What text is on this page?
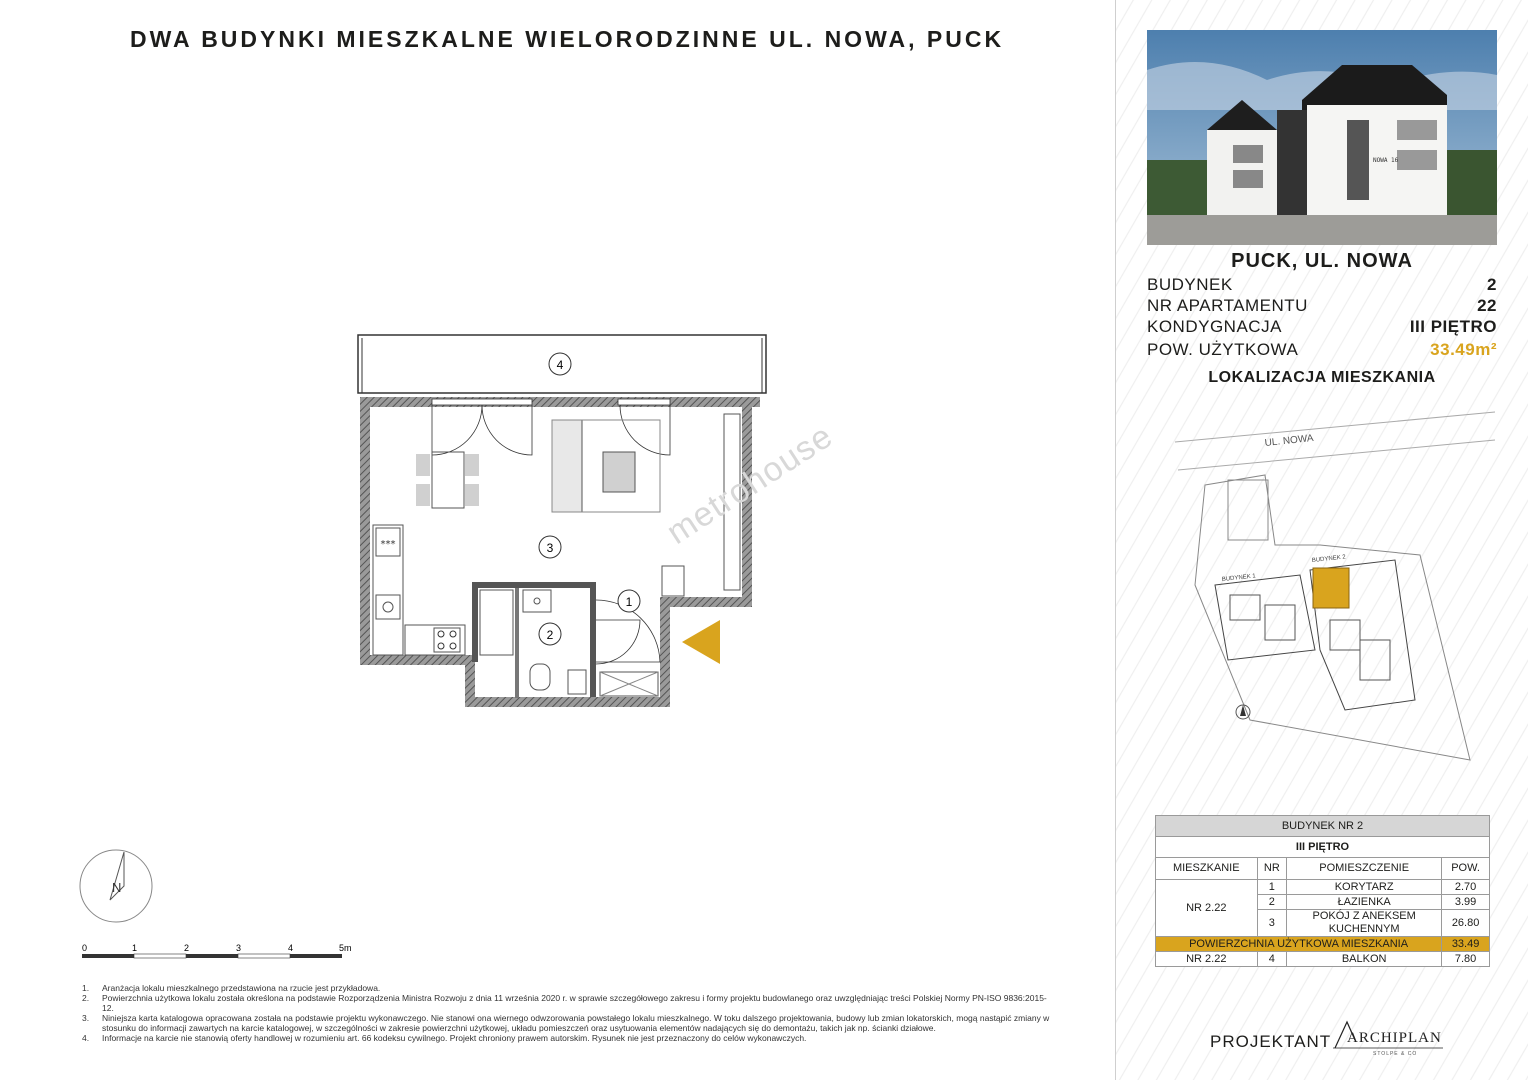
DWA BUDYNKI MIESZKALNE WIELORODZINNE UL. NOWA, PUCK
***
4
3
2
1
metrohouse
N
0	1	2	3	4	5m
1. Aranżacja lokalu mieszkalnego przedstawiona na rzucie jest przykładowa.
2. Powierzchnia użytkowa lokalu została określona na podstawie Rozporządzenia Ministra Rozwoju z dnia 11 września 2020 r. w sprawie szczegółowego zakresu i formy projektu budowlanego oraz uwzględniając treści Polskiej Normy PN-ISO 9836:2015-12.
3. Niniejsza karta katalogowa opracowana została na podstawie projektu wykonawczego. Nie stanowi ona wiernego odwzorowania powstałego lokalu mieszkalnego. W toku dalszego projektowania, budowy lub zmian lokatorskich, mogą nastąpić zmiany w stosunku do informacji zawartych na karcie katalogowej, w szczególności w zakresie powierzchni użytkowej, układu pomieszczeń oraz usytuowania elementów nadających się do demontażu, takich jak np. ścianki działowe.
4. Informacje na karcie nie stanowią oferty handlowej w rozumieniu art. 66 kodeksu cywilnego. Projekt chroniony prawem autorskim. Rysunek nie jest przeznaczony do celów wykonawczych.
NOWA 16
PUCK, UL. NOWA
BUDYNEK	2
NR APARTAMENTU	22
KONDYGNACJA	III PIĘTRO
POW. UŻYTKOWA	33.49m²
LOKALIZACJA MIESZKANIA
UL. NOWA
BUDYNEK 1
BUDYNEK 2
BUDYNEK NR 2			
III PIĘTRO			
MIESZKANIE	NR	POMIESZCZENIE	POW.
NR 2.22	1	KORYTARZ	2.70
	2	ŁAZIENKA	3.99
	3	POKÓJ Z ANEKSEM KUCHENNYM	26.80
POWIERZCHNIA UŻYTKOWA MIESZKANIA			33.49
NR 2.22	4	BALKON	7.80
PROJEKTANT ARCHIPLAN
STOLPE & CO
